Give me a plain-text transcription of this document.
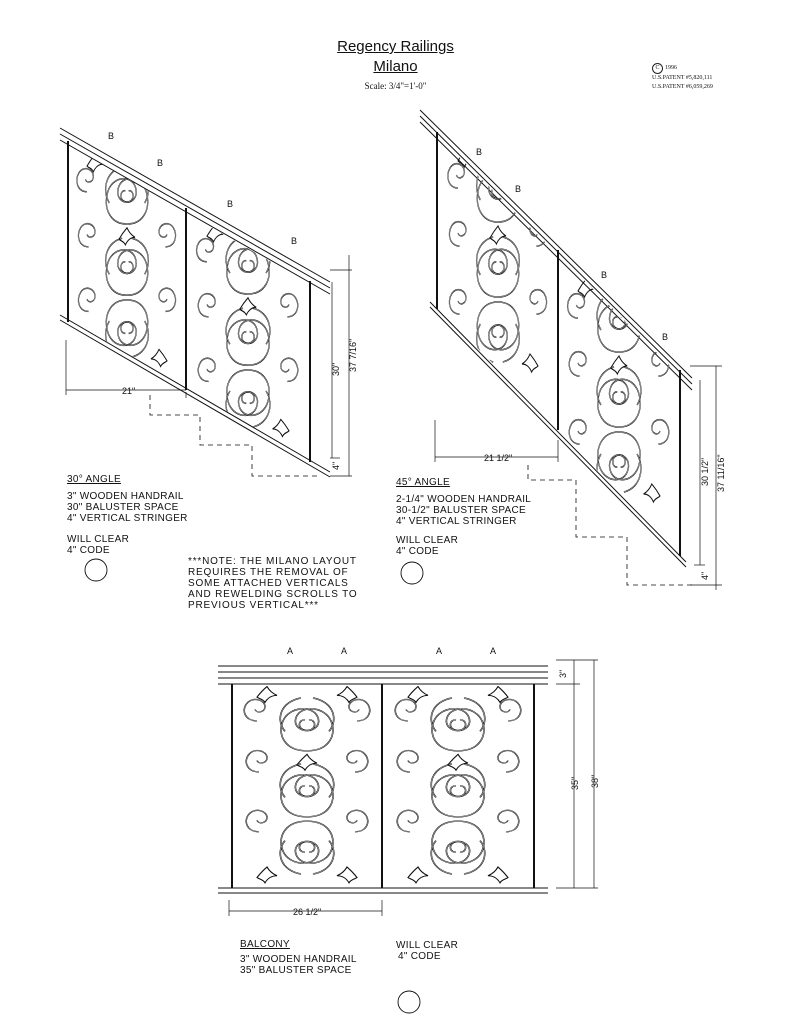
Regency Railings
Milano
Scale: 3/4"=1'-0"
C 1996
U.S.PATENT #5,820,111
U.S.PATENT #6,059,269
B
B
B
B
21"
30" 37 7/16"
4"
B
B
B
B
21 1/2"	30 1/2" 37 11/16"
4"
A	A	A	A
26 1/2"
3"
35" 38"
30° ANGLE
3" WOODEN HANDRAIL
30" BALUSTER SPACE
4" VERTICAL STRINGER
WILL CLEAR
4" CODE
***NOTE: THE MILANO LAYOUT
REQUIRES THE REMOVAL OF
SOME ATTACHED VERTICALS
AND REWELDING SCROLLS TO
PREVIOUS VERTICAL***
45° ANGLE
2-1/4" WOODEN HANDRAIL
30-1/2" BALUSTER SPACE
4" VERTICAL STRINGER
WILL CLEAR
4" CODE
BALCONY
3" WOODEN HANDRAIL
35" BALUSTER SPACE
WILL CLEAR
4" CODE
